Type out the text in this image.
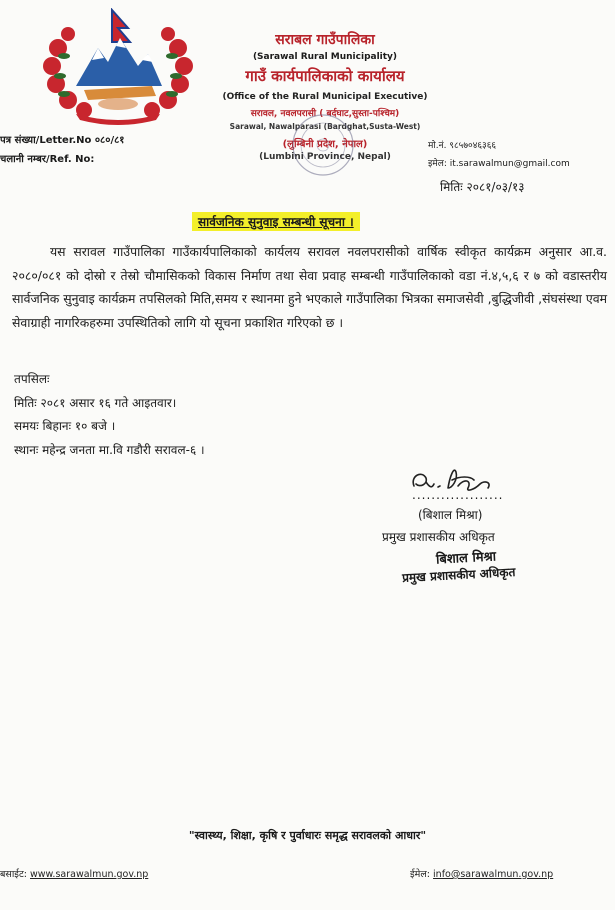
सराबल गाउँपालिका
(Sarawal Rural Municipality)
गाउँ कार्यपालिकाको कार्यालय
(Office of the Rural Municipal Executive)
सरावल, नवलपरासी ( बर्दघाट,सुस्ता-पश्चिम)
Sarawal, Nawalparasi (Bardghat,Susta-West)
(लुम्बिनी प्रदेश, नेपाल)
(Lumbini Province, Nepal)
पत्र संख्या/Letter.No ०८०/८१
चलानी नम्बर/Ref. No:
मो.नं. ९८५७०४६३६६
इमेल: it.sarawalmun@gmail.com
मितिः २०८१/०३/१३
सार्वजनिक सुनुवाइ सम्बन्धी सूचना ।

यस सरावल गाउँपालिका गाउँकार्यपालिकाको कार्यलय सरावल नवलपरासीको वार्षिक स्वीकृत कार्यक्रम अनुसार आ.व. २०८०/०८१ को दोस्रो र तेस्रो चौमासिकको विकास निर्माण तथा सेवा प्रवाह सम्बन्धी गाउँपालिकाको वडा नं.४,५,६ र ७ को वडास्तरीय सार्वजनिक सुनुवाइ कार्यक्रम तपसिलको मिति,समय र स्थानमा हुने भएकाले गाउँपालिका भित्रका समाजसेवी ,बुद्धिजीवी ,संघसंस्था एवम सेवाग्राही नागरिकहरुमा उपस्थितिको लागि यो सूचना प्रकाशित गरिएको छ ।

तपसिलः
मितिः २०८१ असार १६ गते आइतवार।
समयः बिहानः १० बजे ।
स्थानः महेन्द्र जनता मा.वि गडौरी सरावल-६ ।
...................
(बिशाल मिश्रा)
प्रमुख प्रशासकीय अधिकृत
बिशाल मिश्रा
प्रमुख प्रशासकीय अधिकृत
"स्वास्थ्य, शिक्षा, कृषि र पुर्वाधारः समृद्ध सरावलको आधार"
बसाईट: www.sarawalmun.gov.np	ईमेल: info@sarawalmun.gov.np
